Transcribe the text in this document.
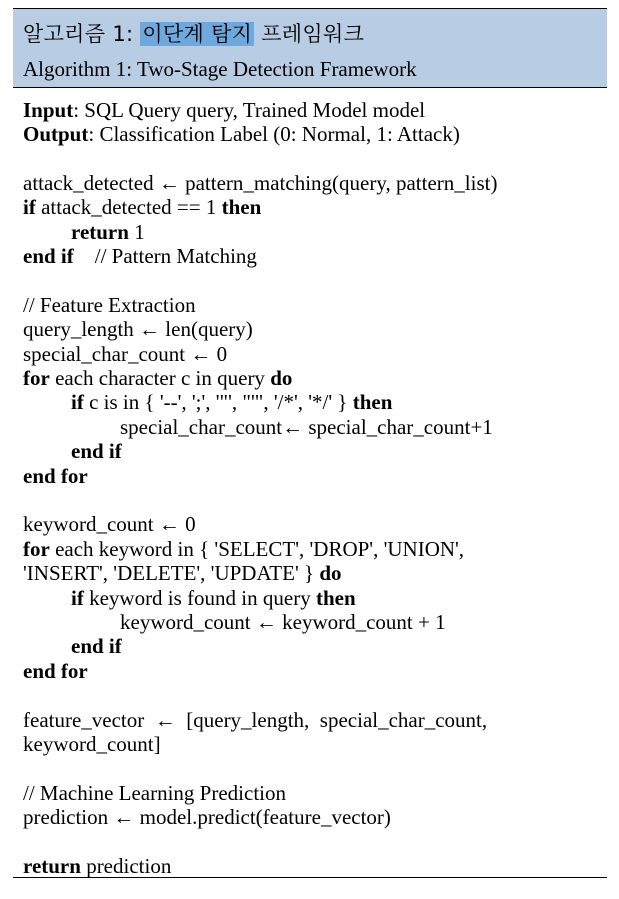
알고리즘 1: 이단계 탐지 프레임워크
Algorithm 1: Two-Stage Detection Framework
Input: SQL Query query, Trained Model model
Output: Classification Label (0: Normal, 1: Attack)
attack_detected ← pattern_matching(query, pattern_list)
if attack_detected == 1 then
return 1
end if    // Pattern Matching
// Feature Extraction
query_length ← len(query)
special_char_count ← 0
for each character c in query do
if c is in { '--', ';', '"', "'", '/*', '*/' } then
special_char_count← special_char_count+1
end if
end for
keyword_count ← 0
for each keyword in { 'SELECT', 'DROP', 'UNION',
'INSERT', 'DELETE', 'UPDATE' } do
if keyword is found in query then
keyword_count ← keyword_count + 1
end if
end for
feature_vector  ←  [query_length,  special_char_count,
keyword_count]
// Machine Learning Prediction
prediction ← model.predict(feature_vector)
return prediction
